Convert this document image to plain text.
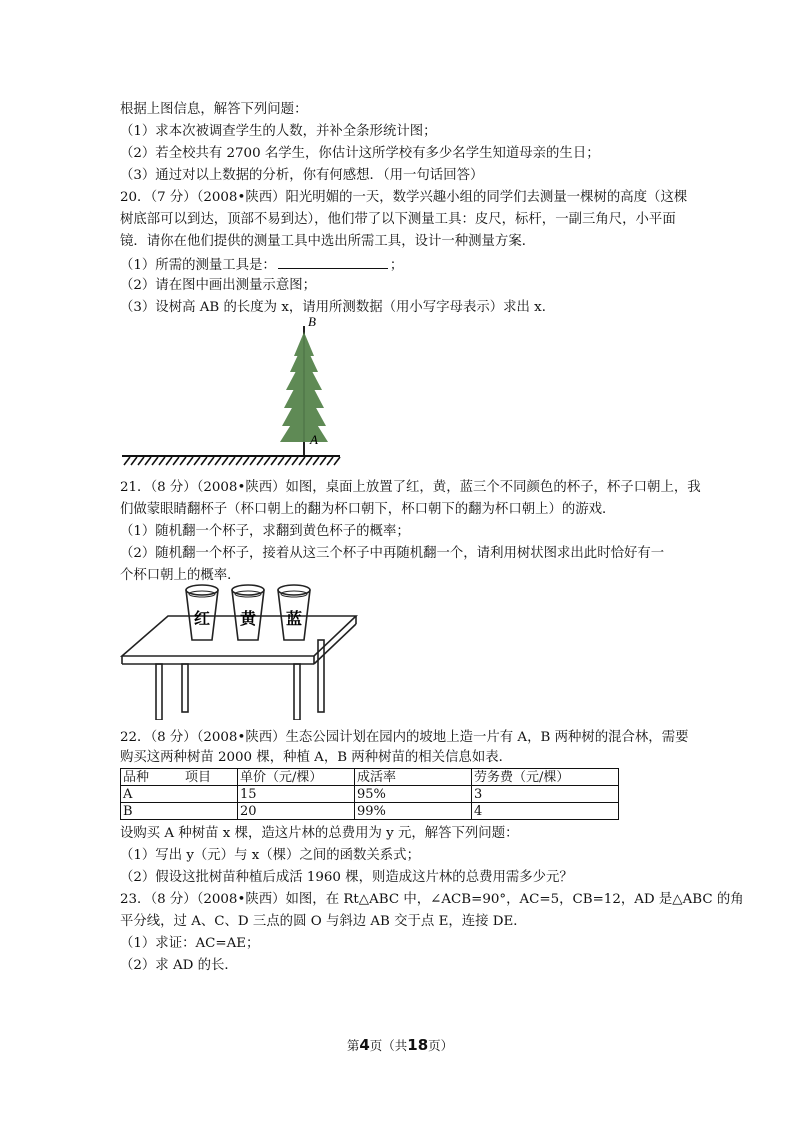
根据上图信息，解答下列问题：
（1）求本次被调查学生的人数，并补全条形统计图；
（2）若全校共有 2700 名学生，你估计这所学校有多少名学生知道母亲的生日；
（3）通过对以上数据的分析，你有何感想．（用一句话回答）
20．（7 分）（2008•陕西）阳光明媚的一天，数学兴趣小组的同学们去测量一棵树的高度（这棵
树底部可以到达，顶部不易到达），他们带了以下测量工具：皮尺，标杆，一副三角尺，小平面
镜．请你在他们提供的测量工具中选出所需工具，设计一种测量方案．
（1）所需的测量工具是：	；
（2）请在图中画出测量示意图；
（3）设树高 AB 的长度为 x，请用所测数据（用小写字母表示）求出 x．
B
A
21．（8 分）（2008•陕西）如图，桌面上放置了红，黄，蓝三个不同颜色的杯子，杯子口朝上，我
们做蒙眼睛翻杯子（杯口朝上的翻为杯口朝下，杯口朝下的翻为杯口朝上）的游戏．
（1）随机翻一个杯子，求翻到黄色杯子的概率；
（2）随机翻一个杯子，接着从这三个杯子中再随机翻一个，请利用树状图求出此时恰好有一
个杯口朝上的概率．
红 黄 蓝
22．（8 分）（2008•陕西）生态公园计划在园内的坡地上造一片有 A，B 两种树的混合林，需要
购买这两种树苗 2000 棵，种植 A，B 两种树苗的相关信息如表．
品种 项目	单价（元/棵）	成活率	劳务费（元/棵）
A	15	95%	3
B	20	99%	4
设购买 A 种树苗 x 棵，造这片林的总费用为 y 元，解答下列问题：
（1）写出 y（元）与 x（棵）之间的函数关系式；
（2）假设这批树苗种植后成活 1960 棵，则造成这片林的总费用需多少元？
23．（8 分）（2008•陕西）如图，在 Rt△ABC 中，∠ACB=90°，AC=5，CB=12，AD 是△ABC 的角
平分线，过 A、C、D 三点的圆 O 与斜边 AB 交于点 E，连接 DE．
（1）求证：AC=AE；
（2）求 AD 的长．
第4页（共18页）
